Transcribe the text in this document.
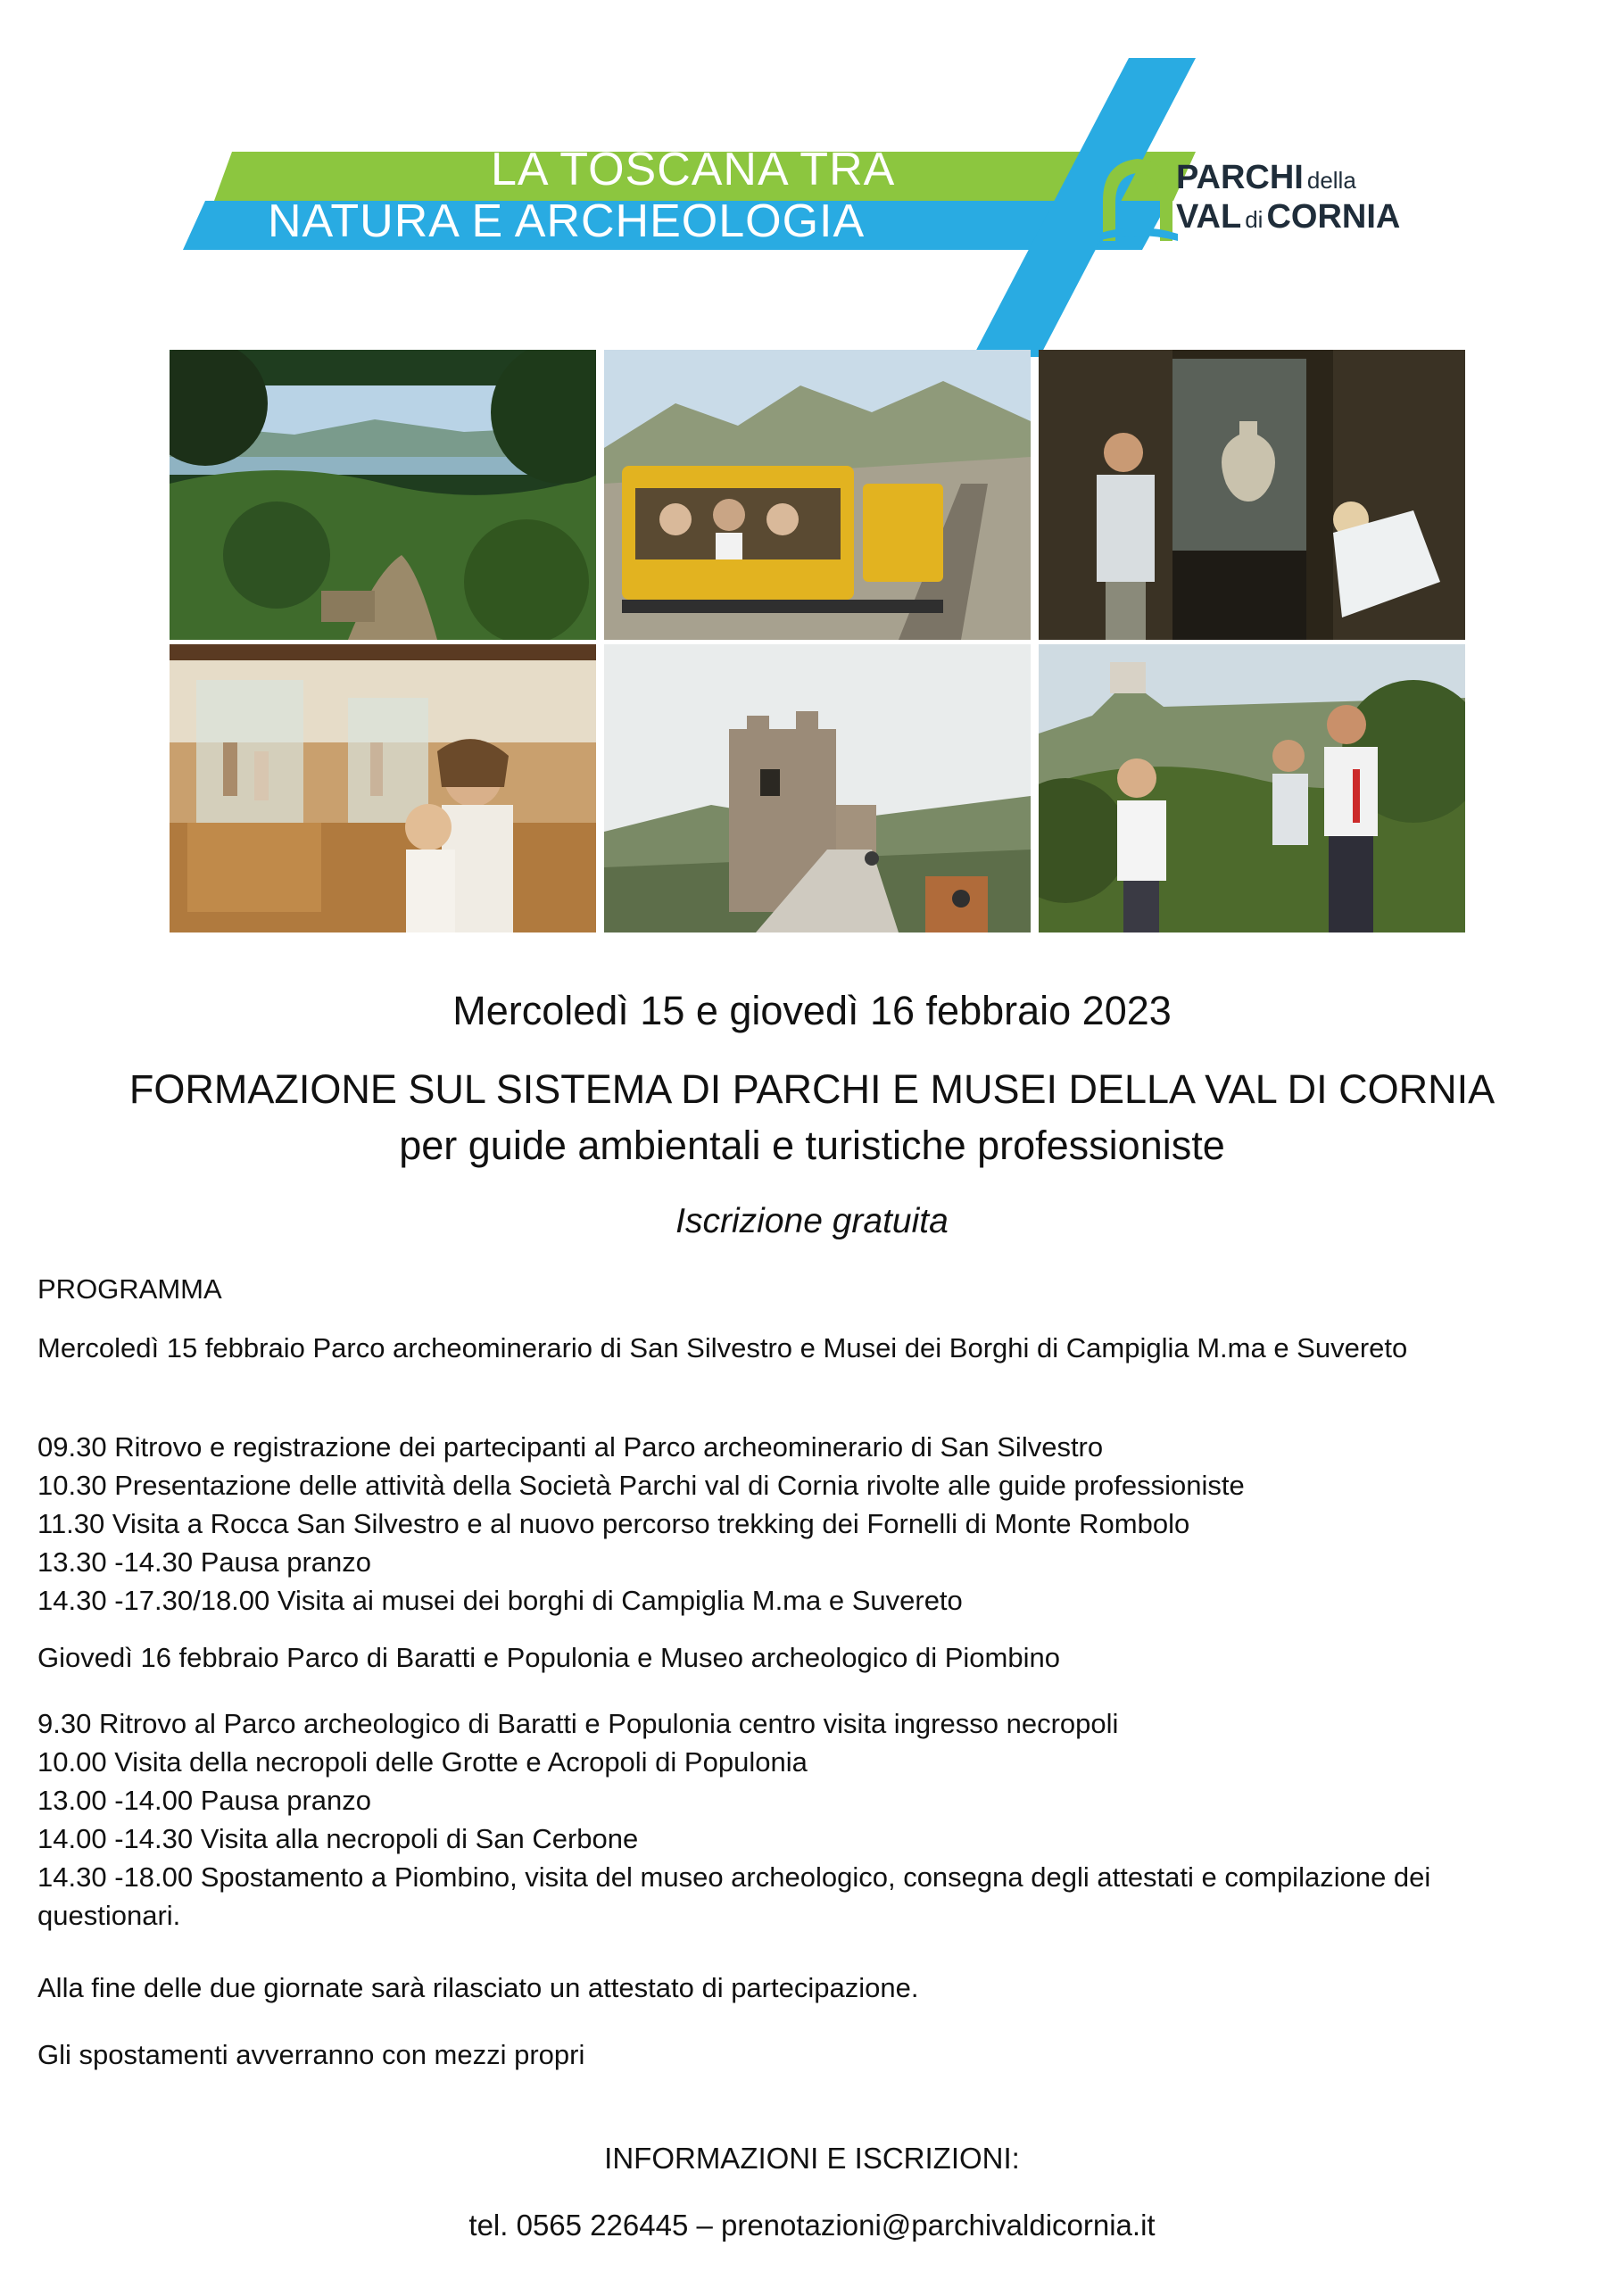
LA TOSCANA TRA
NATURA E ARCHEOLOGIA
PARCHI della
VAL di CORNIA
Mercoledì 15 e giovedì 16 febbraio 2023
FORMAZIONE SUL SISTEMA DI PARCHI E MUSEI DELLA VAL DI CORNIA
per guide ambientali e turistiche professioniste
Iscrizione gratuita
PROGRAMMA
Mercoledì 15 febbraio Parco archeominerario di San Silvestro e Musei dei Borghi di Campiglia M.ma e Suvereto
09.30 Ritrovo e registrazione dei partecipanti al Parco archeominerario di San Silvestro
10.30 Presentazione delle attività della Società Parchi val di Cornia rivolte alle guide professioniste
11.30 Visita a Rocca San Silvestro e al nuovo percorso trekking dei Fornelli di Monte Rombolo
13.30 -14.30 Pausa pranzo
14.30 -17.30/18.00 Visita ai musei dei borghi di Campiglia M.ma e Suvereto
Giovedì 16 febbraio Parco di Baratti e Populonia e Museo archeologico di Piombino
9.30 Ritrovo al Parco archeologico di Baratti e Populonia centro visita ingresso necropoli
10.00 Visita della necropoli delle Grotte e Acropoli di Populonia
13.00 -14.00 Pausa pranzo
14.00 -14.30 Visita alla necropoli di San Cerbone
14.30 -18.00 Spostamento a Piombino, visita del museo archeologico, consegna degli attestati e compilazione dei questionari.
Alla fine delle due giornate sarà rilasciato un attestato di partecipazione.
Gli spostamenti avverranno con mezzi propri
INFORMAZIONI E ISCRIZIONI:
tel. 0565 226445 – prenotazioni@parchivaldicornia.it
